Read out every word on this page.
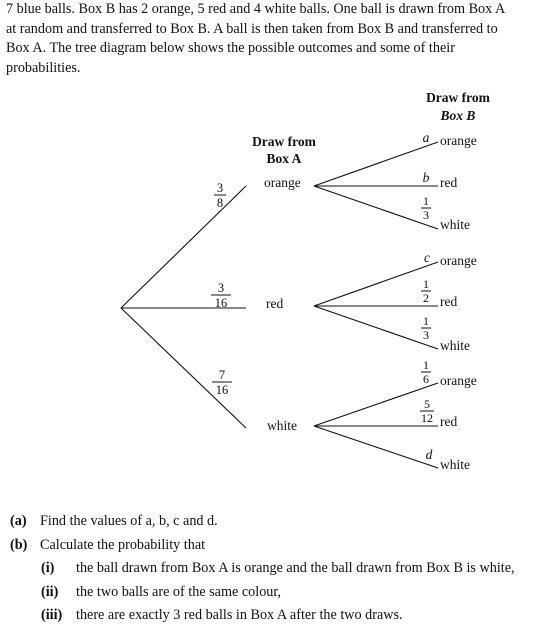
7 blue balls. Box B has 2 orange, 5 red and 4 white balls. One ball is drawn from Box A
at random and transferred to Box B. A ball is then taken from Box B and transferred to
Box A. The tree diagram below shows the possible outcomes and some of their
probabilities.
Draw from
Box B
Draw from
Box A
orange
red
white
3
8
3
16
7
16
orange
red
white
orange
red
white
orange
red
white
a
b
1
3
c
1
2
1
3
1
6
5
12
d
(a) Find the values of a, b, c and d.
(b) Calculate the probability that
(i) the ball drawn from Box A is orange and the ball drawn from Box B is white,
(ii) the two balls are of the same colour,
(iii) there are exactly 3 red balls in Box A after the two draws.
